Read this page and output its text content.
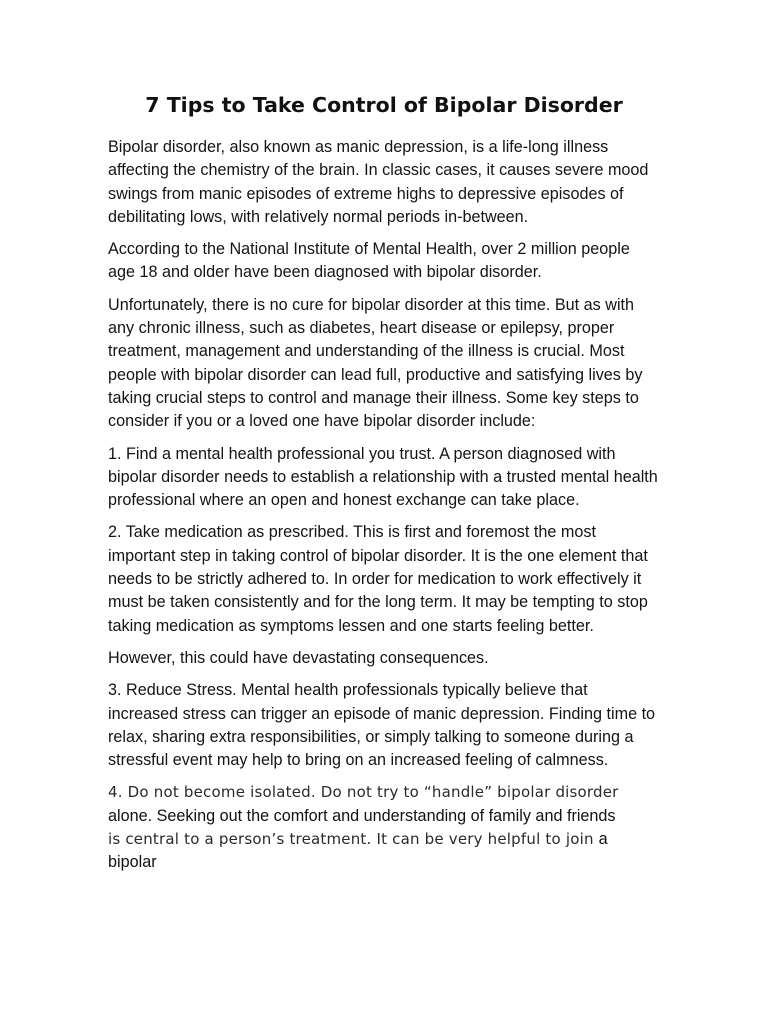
7 Tips to Take Control of Bipolar Disorder

Bipolar disorder, also known as manic depression, is a life-long illness affecting the chemistry of the brain. In classic cases, it causes severe mood swings from manic episodes of extreme highs to depressive episodes of debilitating lows, with relatively normal periods in-between.

According to the National Institute of Mental Health, over 2 million people age 18 and older have been diagnosed with bipolar disorder.

Unfortunately, there is no cure for bipolar disorder at this time. But as with any chronic illness, such as diabetes, heart disease or epilepsy, proper treatment, management and understanding of the illness is crucial. Most people with bipolar disorder can lead full, productive and satisfying lives by taking crucial steps to control and manage their illness. Some key steps to consider if you or a loved one have bipolar disorder include:

1. Find a mental health professional you trust. A person diagnosed with bipolar disorder needs to establish a relationship with a trusted mental health professional where an open and honest exchange can take place.

2. Take medication as prescribed. This is first and foremost the most important step in taking control of bipolar disorder. It is the one element that needs to be strictly adhered to. In order for medication to work effectively it must be taken consistently and for the long term. It may be tempting to stop taking medication as symptoms lessen and one starts feeling better.

However, this could have devastating consequences.

3. Reduce Stress. Mental health professionals typically believe that increased stress can trigger an episode of manic depression. Finding time to relax, sharing extra responsibilities, or simply talking to someone during a stressful event may help to bring on an increased feeling of calmness.

4. Do not become isolated. Do not try to “handle” bipolar disorder
alone. Seeking out the comfort and understanding of family and friends
is central to a person’s treatment. It can be very helpful to join a bipolar
